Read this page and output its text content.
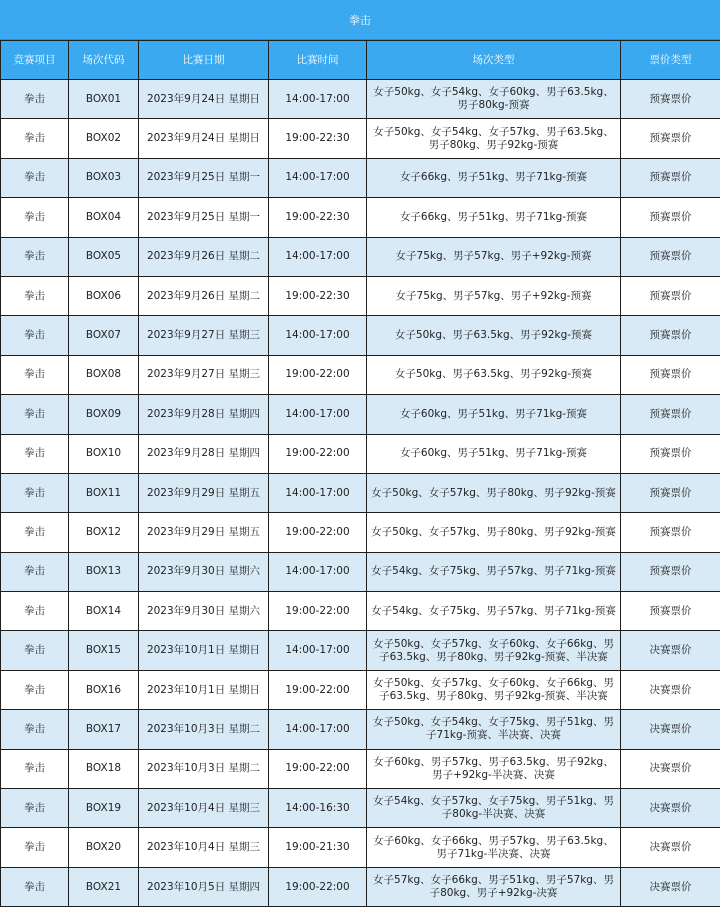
拳击
竞赛项目	场次代码	比赛日期	比赛时间	场次类型	票价类型
拳击	BOX01	2023年9月24日 星期日	14:00-17:00	女子50kg、女子54kg、女子60kg、男子63.5kg、男子80kg-预赛	预赛票价
拳击	BOX02	2023年9月24日 星期日	19:00-22:30	女子50kg、女子54kg、女子57kg、男子63.5kg、男子80kg、男子92kg-预赛	预赛票价
拳击	BOX03	2023年9月25日 星期一	14:00-17:00	女子66kg、男子51kg、男子71kg-预赛	预赛票价
拳击	BOX04	2023年9月25日 星期一	19:00-22:30	女子66kg、男子51kg、男子71kg-预赛	预赛票价
拳击	BOX05	2023年9月26日 星期二	14:00-17:00	女子75kg、男子57kg、男子+92kg-预赛	预赛票价
拳击	BOX06	2023年9月26日 星期二	19:00-22:30	女子75kg、男子57kg、男子+92kg-预赛	预赛票价
拳击	BOX07	2023年9月27日 星期三	14:00-17:00	女子50kg、男子63.5kg、男子92kg-预赛	预赛票价
拳击	BOX08	2023年9月27日 星期三	19:00-22:00	女子50kg、男子63.5kg、男子92kg-预赛	预赛票价
拳击	BOX09	2023年9月28日 星期四	14:00-17:00	女子60kg、男子51kg、男子71kg-预赛	预赛票价
拳击	BOX10	2023年9月28日 星期四	19:00-22:00	女子60kg、男子51kg、男子71kg-预赛	预赛票价
拳击	BOX11	2023年9月29日 星期五	14:00-17:00	女子50kg、女子57kg、男子80kg、男子92kg-预赛	预赛票价
拳击	BOX12	2023年9月29日 星期五	19:00-22:00	女子50kg、女子57kg、男子80kg、男子92kg-预赛	预赛票价
拳击	BOX13	2023年9月30日 星期六	14:00-17:00	女子54kg、女子75kg、男子57kg、男子71kg-预赛	预赛票价
拳击	BOX14	2023年9月30日 星期六	19:00-22:00	女子54kg、女子75kg、男子57kg、男子71kg-预赛	预赛票价
拳击	BOX15	2023年10月1日 星期日	14:00-17:00	女子50kg、女子57kg、女子60kg、女子66kg、男子63.5kg、男子80kg、男子92kg-预赛、半决赛	决赛票价
拳击	BOX16	2023年10月1日 星期日	19:00-22:00	女子50kg、女子57kg、女子60kg、女子66kg、男子63.5kg、男子80kg、男子92kg-预赛、半决赛	决赛票价
拳击	BOX17	2023年10月3日 星期二	14:00-17:00	女子50kg、女子54kg、女子75kg、男子51kg、男子71kg-预赛、半决赛、决赛	决赛票价
拳击	BOX18	2023年10月3日 星期二	19:00-22:00	女子60kg、男子57kg、男子63.5kg、男子92kg、男子+92kg-半决赛、决赛	决赛票价
拳击	BOX19	2023年10月4日 星期三	14:00-16:30	女子54kg、女子57kg、女子75kg、男子51kg、男子80kg-半决赛、决赛	决赛票价
拳击	BOX20	2023年10月4日 星期三	19:00-21:30	女子60kg、女子66kg、男子57kg、男子63.5kg、男子71kg-半决赛、决赛	决赛票价
拳击	BOX21	2023年10月5日 星期四	19:00-22:00	女子57kg、女子66kg、男子51kg、男子57kg、男子80kg、男子+92kg-决赛	决赛票价
